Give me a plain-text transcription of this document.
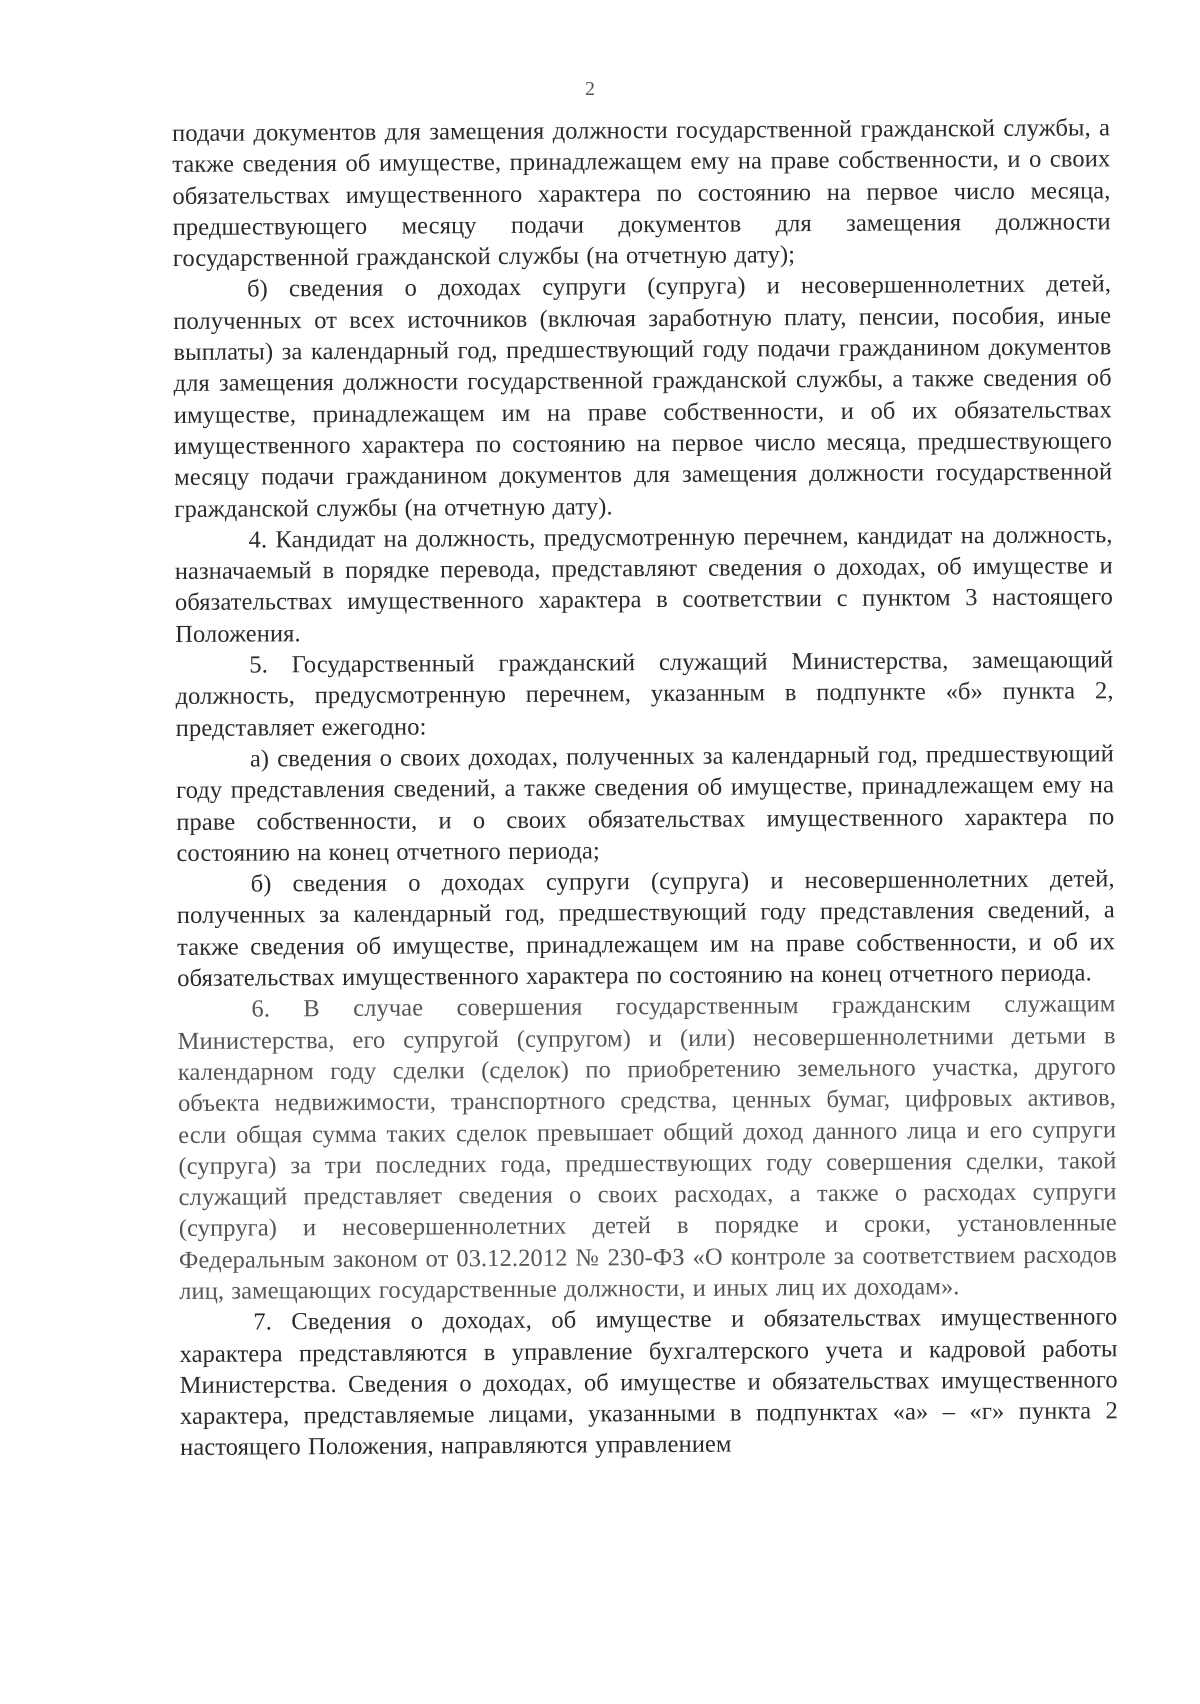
2

подачи документов для замещения должности государственной гражданской службы, а также сведения об имуществе, принадлежащем ему на праве собственности, и о своих обязательствах имущественного характера по состоянию на первое число месяца, предшествующего месяцу подачи документов для замещения должности государственной гражданской службы (на отчетную дату);

б) сведения о доходах супруги (супруга) и несовершеннолетних детей, полученных от всех источников (включая заработную плату, пенсии, пособия, иные выплаты) за календарный год, предшествующий году подачи гражданином документов для замещения должности государственной гражданской службы, а также сведения об имуществе, принадлежащем им на праве собственности, и об их обязательствах имущественного характера по состоянию на первое число месяца, предшествующего месяцу подачи гражданином документов для замещения должности государственной гражданской службы (на отчетную дату).

4. Кандидат на должность, предусмотренную перечнем, кандидат на должность, назначаемый в порядке перевода, представляют сведения о доходах, об имуществе и обязательствах имущественного характера в соответствии с пунктом 3 настоящего Положения.

5. Государственный гражданский служащий Министерства, замещающий должность, предусмотренную перечнем, указанным в подпункте «б» пункта 2, представляет ежегодно:

а) сведения о своих доходах, полученных за календарный год, предшествующий году представления сведений, а также сведения об имуществе, принадлежащем ему на праве собственности, и о своих обязательствах имущественного характера по состоянию на конец отчетного периода;

б) сведения о доходах супруги (супруга) и несовершеннолетних детей, полученных за календарный год, предшествующий году представления сведений, а также сведения об имуществе, принадлежащем им на праве собственности, и об их обязательствах имущественного характера по состоянию на конец отчетного периода.

6. В случае совершения государственным гражданским служащим Министерства, его супругой (супругом) и (или) несовершеннолетними детьми в календарном году сделки (сделок) по приобретению земельного участка, другого объекта недвижимости, транспортного средства, ценных бумаг, цифровых активов, если общая сумма таких сделок превышает общий доход данного лица и его супруги (супруга) за три последних года, предшествующих году совершения сделки, такой служащий представляет сведения о своих расходах, а также о расходах супруги (супруга) и несовершеннолетних детей в порядке и сроки, установленные Федеральным законом от 03.12.2012 № 230-ФЗ «О контроле за соответствием расходов лиц, замещающих государственные должности, и иных лиц их доходам».

7. Сведения о доходах, об имуществе и обязательствах имущественного характера представляются в управление бухгалтерского учета и кадровой работы Министерства. Сведения о доходах, об имуществе и обязательствах имущественного характера, представляемые лицами, указанными в подпунктах «а» – «г» пункта 2 настоящего Положения, направляются управлением
